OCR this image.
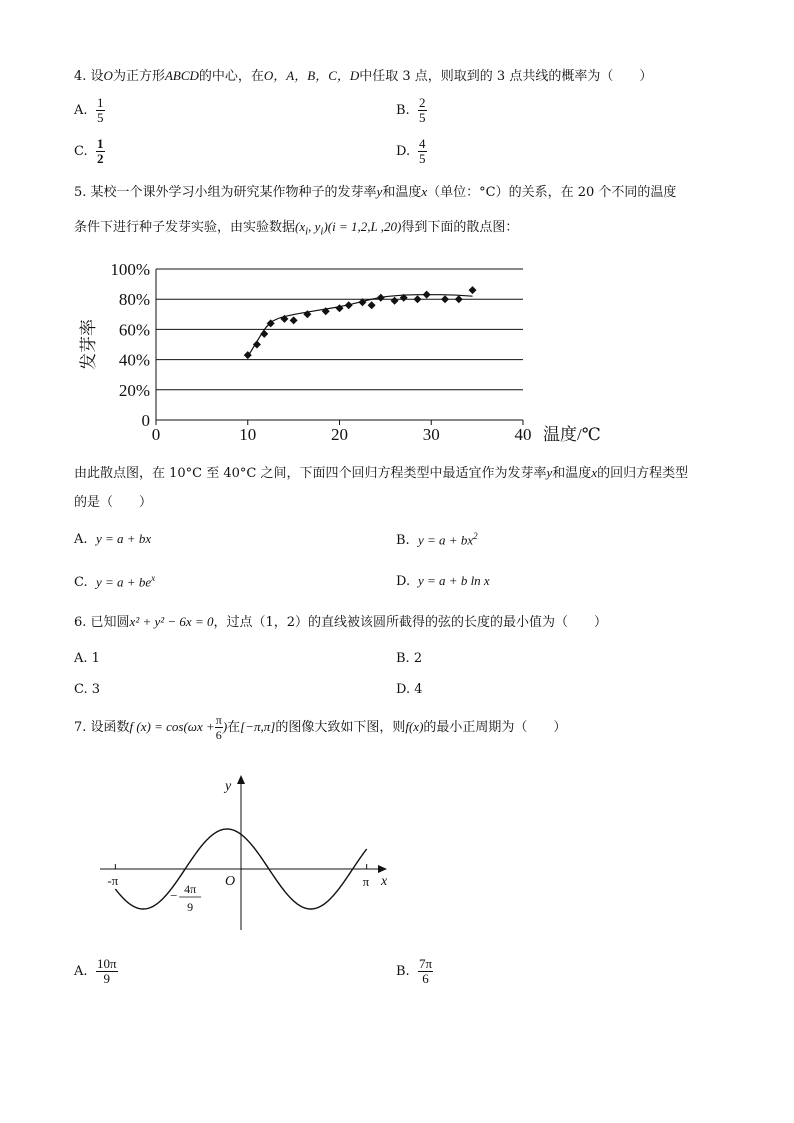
4. 设O为正方形ABCD的中心，在O，A，B，C，D中任取 3 点，则取到的 3 点共线的概率为（　　）
A. $\frac{1}{5}$	B. $\frac{2}{5}$
C. $\frac{1}{2}$	D. $\frac{4}{5}$
5. 某校一个课外学习小组为研究某作物种子的发芽率y和温度x（单位：°C）的关系，在 20 个不同的温度
条件下进行种子发芽实验，由实验数据($x_i$, $y_i)(i = 1,2,L$ ,20)得到下面的散点图：
0
20%
40%
60%
80%
100%
0	10	20	30	40
发芽率
温度/℃
由此散点图，在 10°C 至 40°C 之间，下面四个回归方程类型中最适宜作为发芽率y和温度x的回归方程类型
的是（　　）
A. y = a + bx	B. $y = a + bx^2$
C. $y = a + be^x$	D. y = a + b ln x
6. 已知圆x² + y² − 6x = 0，过点（1，2）的直线被该圆所截得的弦的长度的最小值为（　　）
A. 1	B. 2
C. 3	D. 4
7. 设函数f $(x) = \cos(\omega x + \frac{\pi}{6}$ )在[−π,π]的图像大致如下图，则f(x)的最小正周期为（　　）
y
x
O
-π	π
− 4π
9
A. $\frac{10\pi}{9}$	B. $\frac{7\pi}{6}$
